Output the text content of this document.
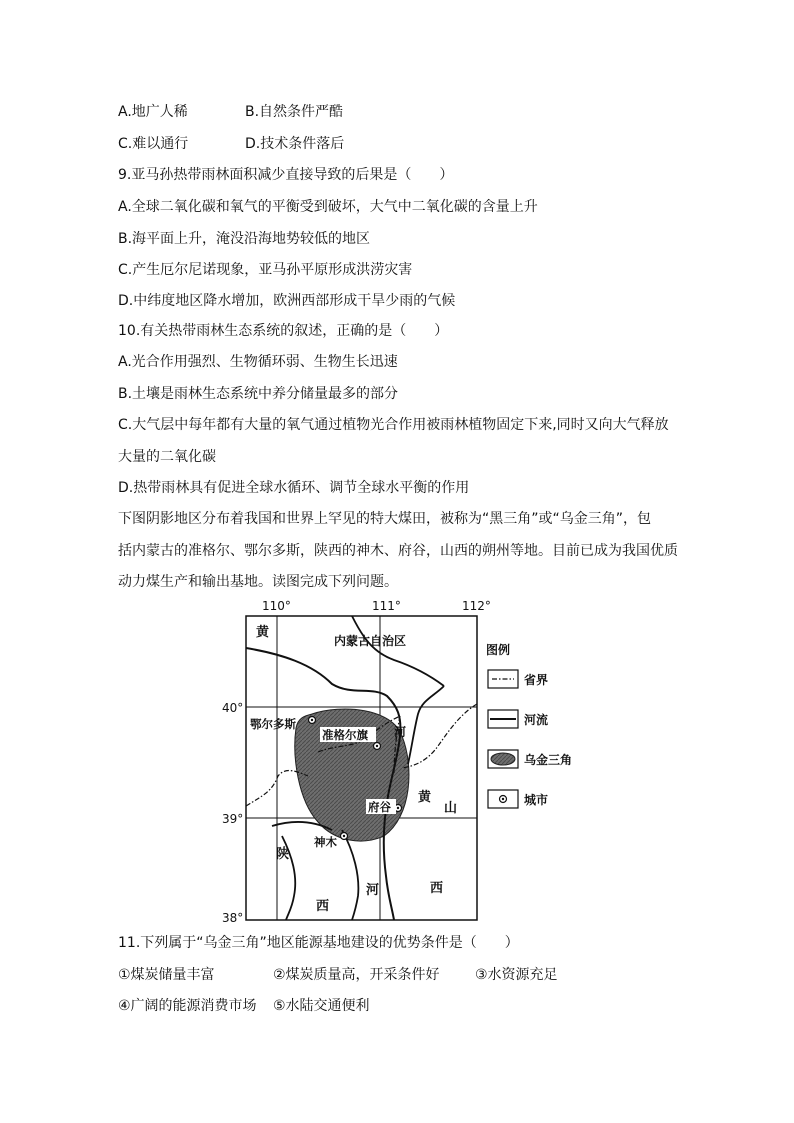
A.地广人稀	B.自然条件严酷
C.难以通行	D.技术条件落后
9.亚马孙热带雨林面积减少直接导致的后果是（　　）
A.全球二氧化碳和氧气的平衡受到破坏，大气中二氧化碳的含量上升
B.海平面上升，淹没沿海地势较低的地区
C.产生厄尔尼诺现象，亚马孙平原形成洪涝灾害
D.中纬度地区降水增加，欧洲西部形成干旱少雨的气候
10.有关热带雨林生态系统的叙述，正确的是（　　）
A.光合作用强烈、生物循环弱、生物生长迅速
B.土壤是雨林生态系统中养分储量最多的部分
C.大气层中每年都有大量的氧气通过植物光合作用被雨林植物固定下来,同时又向大气释放
大量的二氧化碳
D.热带雨林具有促进全球水循环、调节全球水平衡的作用
下图阴影地区分布着我国和世界上罕见的特大煤田，被称为“黑三角”或“乌金三角”，包
括内蒙古的准格尔、鄂尔多斯，陕西的神木、府谷，山西的朔州等地。目前已成为我国优质
动力煤生产和输出基地。读图完成下列问题。
110°	111°	112°
40°
39°
38°
黄
内蒙古自治区
河
鄂尔多斯
准格尔旗
府谷
神木
黄
山
陕
西
河	西
图例
省界
河流
乌金三角
城市
11.下列属于“乌金三角”地区能源基地建设的优势条件是（　　）
①煤炭储量丰富	②煤炭质量高，开采条件好	③水资源充足
④广阔的能源消费市场 ⑤水陆交通便利
